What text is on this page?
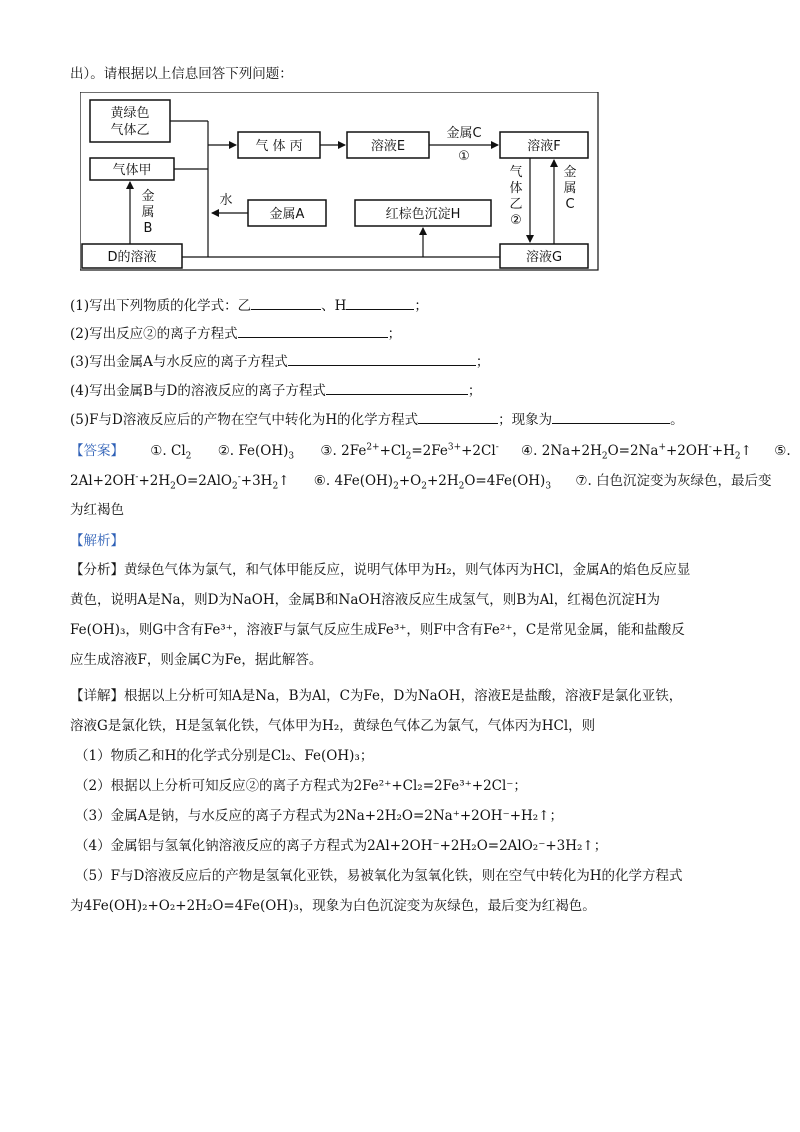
出）。请根据以上信息回答下列问题：
黄绿色
气体乙
气 体 丙	溶液E	溶液F
气体甲
金属A	红棕色沉淀H
D的溶液	溶液G
金属C
①
气
体
乙
②
金
属
C
水
金
属
B
(1)写出下列物质的化学式：乙	、H	；
(2)写出反应②的离子方程式	；
(3)写出金属A与水反应的离子方程式	；
(4)写出金属B与D的溶液反应的离子方程式	；
(5)F与D溶液反应后的产物在空气中转化为H的化学方程式	；现象为	。
【答案】 ①. $Cl_2$ ②. $Fe(OH)_3$ ③. $2Fe^{2+}+Cl_2=2Fe^{3+}+2Cl^-$ ④. $2Na+2H_2O=2Na^++2OH^-+H_2↑$ ⑤.
$2Al+2OH^-+2H_2O=2AlO_2^-+3H_2↑$ ⑥. $4Fe(OH)_2+O_2+2H_2O=4Fe(OH)_3$ ⑦. 白色沉淀变为灰绿色，最后变
为红褐色
【解析】
【分析】黄绿色气体为氯气，和气体甲能反应，说明气体甲为H₂，则气体丙为HCl，金属A的焰色反应显
黄色，说明A是Na，则D为NaOH，金属B和NaOH溶液反应生成氢气，则B为Al，红褐色沉淀H为
Fe(OH)₃，则G中含有Fe³⁺，溶液F与氯气反应生成Fe³⁺，则F中含有Fe²⁺，C是常见金属，能和盐酸反
应生成溶液F，则金属C为Fe，据此解答。
【详解】根据以上分析可知A是Na，B为Al，C为Fe，D为NaOH，溶液E是盐酸，溶液F是氯化亚铁，
溶液G是氯化铁，H是氢氧化铁，气体甲为H₂，黄绿色气体乙为氯气，气体丙为HCl，则
（1）物质乙和H的化学式分别是Cl₂、Fe(OH)₃；
（2）根据以上分析可知反应②的离子方程式为2Fe²⁺+Cl₂=2Fe³⁺+2Cl⁻；
（3）金属A是钠，与水反应的离子方程式为2Na+2H₂O=2Na⁺+2OH⁻+H₂↑；
（4）金属铝与氢氧化钠溶液反应的离子方程式为2Al+2OH⁻+2H₂O=2AlO₂⁻+3H₂↑；
（5）F与D溶液反应后的产物是氢氧化亚铁，易被氧化为氢氧化铁，则在空气中转化为H的化学方程式
为4Fe(OH)₂+O₂+2H₂O=4Fe(OH)₃，现象为白色沉淀变为灰绿色，最后变为红褐色。
